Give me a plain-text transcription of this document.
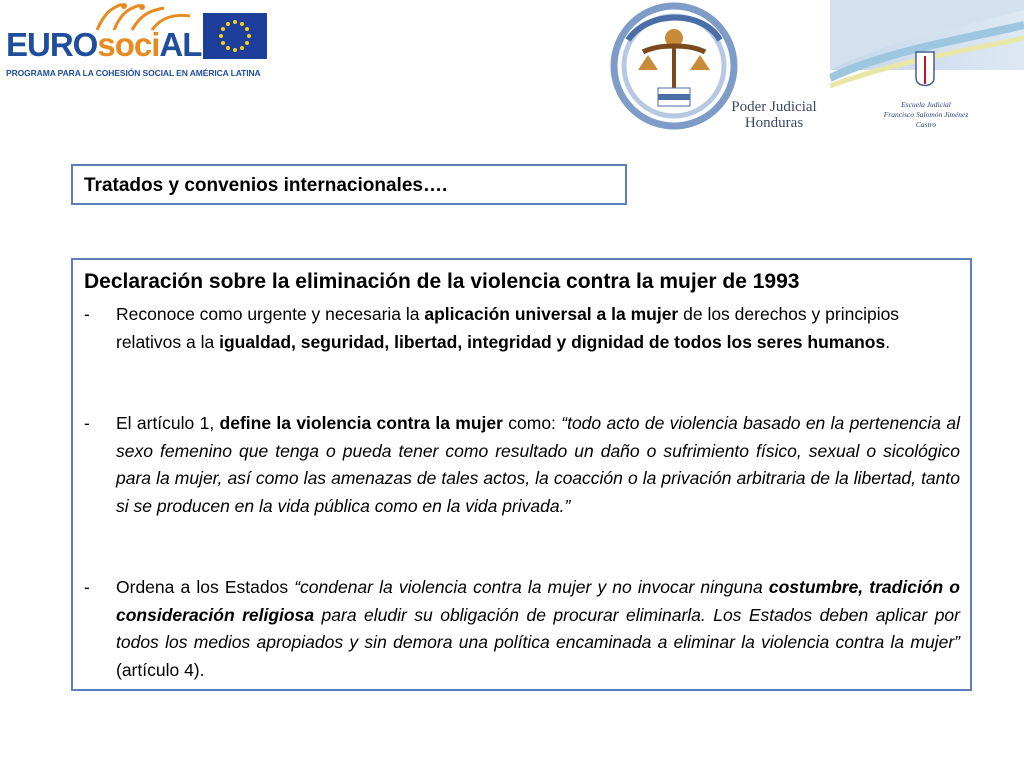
EUROsociAL
PROGRAMA PARA LA COHESIÓN SOCIAL EN AMÉRICA LATINA
Poder Judicial
Honduras
Escuela Judicial
Francisco Salomón Jiménez Castro
Tratados y convenios internacionales….
Declaración sobre la eliminación de la violencia contra la mujer de 1993
- Reconoce como urgente y necesaria la aplicación universal a la mujer de los derechos y principios relativos a la igualdad, seguridad, libertad, integridad y dignidad de todos los seres humanos.
- El artículo 1, define la violencia contra la mujer como: “todo acto de violencia basado en la pertenencia al sexo femenino que tenga o pueda tener como resultado un daño o sufrimiento físico, sexual o sicológico para la mujer, así como las amenazas de tales actos, la coacción o la privación arbitraria de la libertad, tanto si se producen en la vida pública como en la vida privada.”
- Ordena a los Estados “condenar la violencia contra la mujer y no invocar ninguna costumbre, tradición o consideración religiosa para eludir su obligación de procurar eliminarla. Los Estados deben aplicar por todos los medios apropiados y sin demora una política encaminada a eliminar la violencia contra la mujer” (artículo 4).
